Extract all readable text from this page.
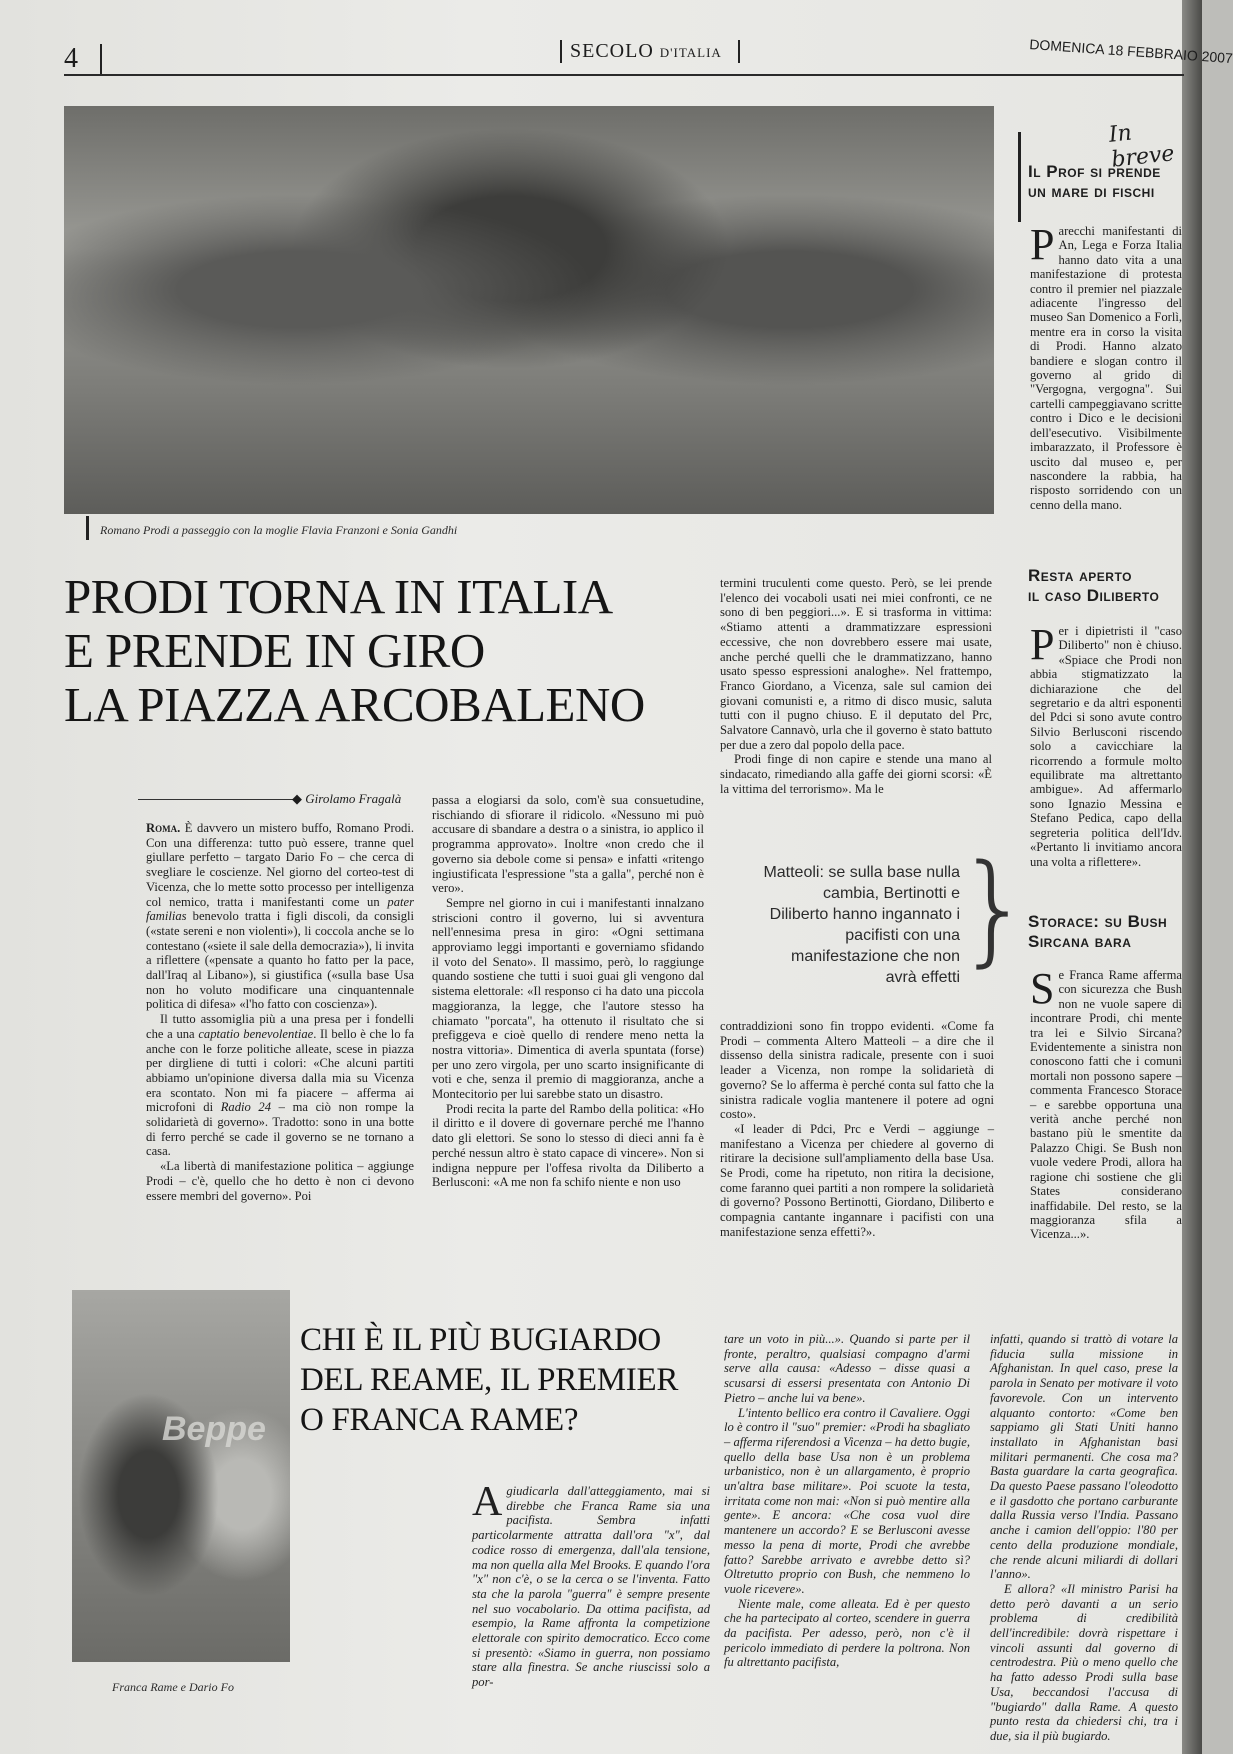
4	SECOLO D'ITALIA	DOMENICA 18 FEBBRAIO 2007
Romano Prodi a passeggio con la moglie Flavia Franzoni e Sonia Gandhi
PRODI TORNA IN ITALIA
E PRENDE IN GIRO
LA PIAZZA ARCOBALENO
◆ Girolamo Fragalà

Roma. È davvero un mistero buffo, Romano Prodi. Con una differenza: tutto può essere, tranne quel giullare perfetto – targato Dario Fo – che cerca di svegliare le coscienze. Nel giorno del corteo-test di Vicenza, che lo mette sotto processo per intelligenza col nemico, tratta i manifestanti come un pater familias benevolo tratta i figli discoli, da consigli («state sereni e non violenti»), li coccola anche se lo contestano («siete il sale della democrazia»), li invita a riflettere («pensate a quanto ho fatto per la pace, dall'Iraq al Libano»), si giustifica («sulla base Usa non ho voluto modificare una cinquantennale politica di difesa» «l'ho fatto con coscienza»).

Il tutto assomiglia più a una presa per i fondelli che a una captatio benevolentiae. Il bello è che lo fa anche con le forze politiche alleate, scese in piazza per dirgliene di tutti i colori: «Che alcuni partiti abbiamo un'opinione diversa dalla mia su Vicenza era scontato. Non mi fa piacere – afferma ai microfoni di Radio 24 – ma ciò non rompe la solidarietà di governo». Tradotto: sono in una botte di ferro perché se cade il governo se ne tornano a casa.

«La libertà di manifestazione politica – aggiunge Prodi – c'è, quello che ho detto è non ci devono essere membri del governo». Poi

passa a elogiarsi da solo, com'è sua consuetudine, rischiando di sfiorare il ridicolo. «Nessuno mi può accusare di sbandare a destra o a sinistra, io applico il programma approvato». Inoltre «non credo che il governo sia debole come si pensa» e infatti «ritengo ingiustificata l'espressione "sta a galla", perché non è vero».

Sempre nel giorno in cui i manifestanti innalzano striscioni contro il governo, lui si avventura nell'ennesima presa in giro: «Ogni settimana approviamo leggi importanti e governiamo sfidando il voto del Senato». Il massimo, però, lo raggiunge quando sostiene che tutti i suoi guai gli vengono dal sistema elettorale: «Il responso ci ha dato una piccola maggioranza, la legge, che l'autore stesso ha chiamato "porcata", ha ottenuto il risultato che si prefiggeva e cioè quello di rendere meno netta la nostra vittoria». Dimentica di averla spuntata (forse) per uno zero virgola, per uno scarto insignificante di voti e che, senza il premio di maggioranza, anche a Montecitorio per lui sarebbe stato un disastro.

Prodi recita la parte del Rambo della politica: «Ho il diritto e il dovere di governare perché me l'hanno dato gli elettori. Se sono lo stesso di dieci anni fa è perché nessun altro è stato capace di vincere». Non si indigna neppure per l'offesa rivolta da Diliberto a Berlusconi: «A me non fa schifo niente e non uso

termini truculenti come questo. Però, se lei prende l'elenco dei vocaboli usati nei miei confronti, ce ne sono di ben peggiori...». E si trasforma in vittima: «Stiamo attenti a drammatizzare espressioni eccessive, che non dovrebbero essere mai usate, anche perché quelli che le drammatizzano, hanno usato spesso espressioni analoghe». Nel frattempo, Franco Giordano, a Vicenza, sale sul camion dei giovani comunisti e, a ritmo di disco music, saluta tutti con il pugno chiuso. E il deputato del Prc, Salvatore Cannavò, urla che il governo è stato battuto per due a zero dal popolo della pace.

Prodi finge di non capire e stende una mano al sindacato, rimediando alla gaffe dei giorni scorsi: «È la vittima del terrorismo». Ma le

Matteoli: se sulla base nulla cambia, Bertinotti e Diliberto hanno ingannato i pacifisti con una manifestazione che non avrà effetti
}

contraddizioni sono fin troppo evidenti. «Come fa Prodi – commenta Altero Matteoli – a dire che il dissenso della sinistra radicale, presente con i suoi leader a Vicenza, non rompe la solidarietà di governo? Se lo afferma è perché conta sul fatto che la sinistra radicale voglia mantenere il potere ad ogni costo».

«I leader di Pdci, Prc e Verdi – aggiunge – manifestano a Vicenza per chiedere al governo di ritirare la decisione sull'ampliamento della base Usa. Se Prodi, come ha ripetuto, non ritira la decisione, come faranno quei partiti a non rompere la solidarietà di governo? Possono Bertinotti, Giordano, Diliberto e compagnia cantante ingannare i pacifisti con una manifestazione senza effetti?».

In breve
Il Prof si prende
un mare di fischi
Parecchi manifestanti di An, Lega e Forza Italia hanno dato vita a una manifestazione di protesta contro il premier nel piazzale adiacente l'ingresso del museo San Domenico a Forlì, mentre era in corso la visita di Prodi. Hanno alzato bandiere e slogan contro il governo al grido di "Vergogna, vergogna". Sui cartelli campeggiavano scritte contro i Dico e le decisioni dell'esecutivo. Visibilmente imbarazzato, il Professore è uscito dal museo e, per nascondere la rabbia, ha risposto sorridendo con un cenno della mano.
Resta aperto
il caso Diliberto
Per i dipietristi il "caso Diliberto" non è chiuso. «Spiace che Prodi non abbia stigmatizzato la dichiarazione che del segretario e da altri esponenti del Pdci si sono avute contro Silvio Berlusconi riscendo solo a cavicchiare la ricorrendo a formule molto equilibrate ma altrettanto ambigue». Ad affermarlo sono Ignazio Messina e Stefano Pedica, capo della segreteria politica dell'Idv. «Pertanto li invitiamo ancora una volta a riflettere».
Storace: su Bush
Sircana bara
Se Franca Rame afferma con sicurezza che Bush non ne vuole sapere di incontrare Prodi, chi mente tra lei e Silvio Sircana? Evidentemente a sinistra non conoscono fatti che i comuni mortali non possono sapere – commenta Francesco Storace – e sarebbe opportuna una verità anche perché non bastano più le smentite da Palazzo Chigi. Se Bush non vuole vedere Prodi, allora ha ragione chi sostiene che gli States considerano inaffidabile. Del resto, se la maggioranza sfila a Vicenza...».
Beppe
Franca Rame e Dario Fo
CHI È IL PIÙ BUGIARDO
DEL REAME, IL PREMIER
O FRANCA RAME?
Agiudicarla dall'atteggiamento, mai si direbbe che Franca Rame sia una pacifista. Sembra infatti particolarmente attratta dall'ora "x", dal codice rosso di emergenza, dall'ala tensione, ma non quella alla Mel Brooks. E quando l'ora "x" non c'è, o se la cerca o se l'inventa. Fatto sta che la parola "guerra" è sempre presente nel suo vocabolario. Da ottima pacifista, ad esempio, la Rame affronta la competizione elettorale con spirito democratico. Ecco come si presentò: «Siamo in guerra, non possiamo stare alla finestra. Se anche riuscissi solo a por-

tare un voto in più...». Quando si parte per il fronte, peraltro, qualsiasi compagno d'armi serve alla causa: «Adesso – disse quasi a scusarsi di essersi presentata con Antonio Di Pietro – anche lui va bene».

L'intento bellico era contro il Cavaliere. Oggi lo è contro il "suo" premier: «Prodi ha sbagliato – afferma riferendosi a Vicenza – ha detto bugie, quello della base Usa non è un problema urbanistico, non è un allargamento, è proprio un'altra base militare». Poi scuote la testa, irritata come non mai: «Non si può mentire alla gente». E ancora: «Che cosa vuol dire mantenere un accordo? E se Berlusconi avesse messo la pena di morte, Prodi che avrebbe fatto? Sarebbe arrivato e avrebbe detto sì? Oltretutto proprio con Bush, che nemmeno lo vuole ricevere».

Niente male, come alleata. Ed è per questo che ha partecipato al corteo, scendere in guerra da pacifista. Per adesso, però, non c'è il pericolo immediato di perdere la poltrona. Non fu altrettanto pacifista,

infatti, quando si trattò di votare la fiducia sulla missione in Afghanistan. In quel caso, prese la parola in Senato per motivare il voto favorevole. Con un intervento alquanto contorto: «Come ben sappiamo gli Stati Uniti hanno installato in Afghanistan basi militari permanenti. Che cosa ma? Basta guardare la carta geografica. Da questo Paese passano l'oleodotto e il gasdotto che portano carburante dalla Russia verso l'India. Passano anche i camion dell'oppio: l'80 per cento della produzione mondiale, che rende alcuni miliardi di dollari l'anno».

E allora? «Il ministro Parisi ha detto però davanti a un serio problema di credibilità dell'incredibile: dovrà rispettare i vincoli assunti dal governo di centrodestra. Più o meno quello che ha fatto adesso Prodi sulla base Usa, beccandosi l'accusa di "bugiardo" dalla Rame. A questo punto resta da chiedersi chi, tra i due, sia il più bugiardo.
